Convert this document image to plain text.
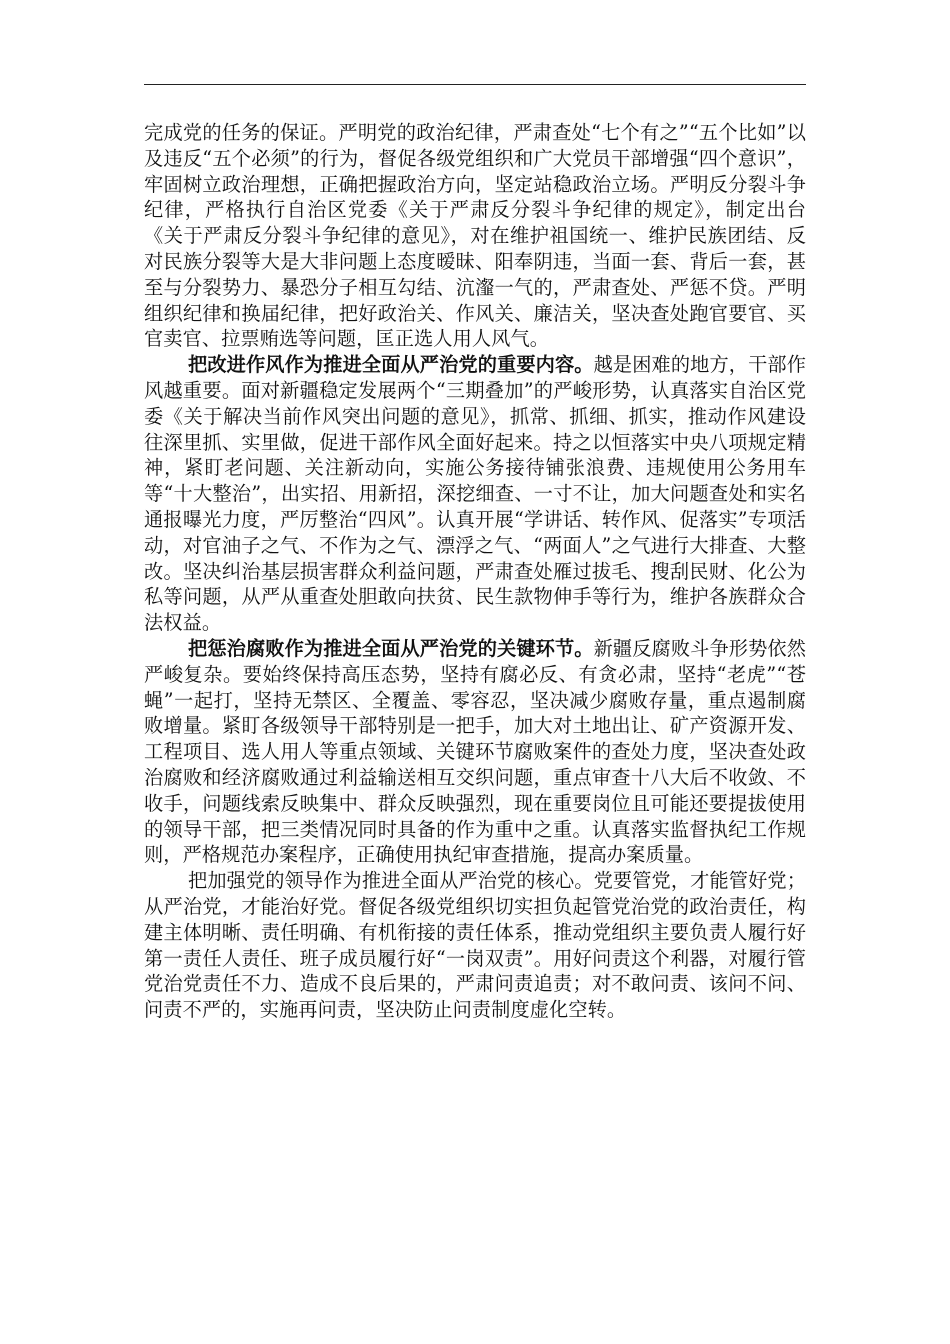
完成党的任务的保证。严明党的政治纪律，严肃查处“七个有之”“五个比如”以及违反“五个必须”的行为，督促各级党组织和广大党员干部增强“四个意识”，牢固树立政治理想，正确把握政治方向，坚定站稳政治立场。严明反分裂斗争纪律，严格执行自治区党委《关于严肃反分裂斗争纪律的规定》，制定出台《关于严肃反分裂斗争纪律的意见》，对在维护祖国统一、维护民族团结、反对民族分裂等大是大非问题上态度暧昧、阳奉阴违，当面一套、背后一套，甚至与分裂势力、暴恐分子相互勾结、沆瀣一气的，严肃查处、严惩不贷。严明组织纪律和换届纪律，把好政治关、作风关、廉洁关，坚决查处跑官要官、买官卖官、拉票贿选等问题，匡正选人用人风气。

把改进作风作为推进全面从严治党的重要内容。越是困难的地方，干部作风越重要。面对新疆稳定发展两个“三期叠加”的严峻形势，认真落实自治区党委《关于解决当前作风突出问题的意见》，抓常、抓细、抓实，推动作风建设往深里抓、实里做，促进干部作风全面好起来。持之以恒落实中央八项规定精神，紧盯老问题、关注新动向，实施公务接待铺张浪费、违规使用公务用车等“十大整治”，出实招、用新招，深挖细查、一寸不让，加大问题查处和实名通报曝光力度，严厉整治“四风”。认真开展“学讲话、转作风、促落实”专项活动，对官油子之气、不作为之气、漂浮之气、“两面人”之气进行大排查、大整改。坚决纠治基层损害群众利益问题，严肃查处雁过拔毛、搜刮民财、化公为私等问题，从严从重查处胆敢向扶贫、民生款物伸手等行为，维护各族群众合法权益。

把惩治腐败作为推进全面从严治党的关键环节。新疆反腐败斗争形势依然严峻复杂。要始终保持高压态势，坚持有腐必反、有贪必肃，坚持“老虎”“苍蝇”一起打，坚持无禁区、全覆盖、零容忍，坚决减少腐败存量，重点遏制腐败增量。紧盯各级领导干部特别是一把手，加大对土地出让、矿产资源开发、工程项目、选人用人等重点领域、关键环节腐败案件的查处力度，坚决查处政治腐败和经济腐败通过利益输送相互交织问题，重点审查十八大后不收敛、不收手，问题线索反映集中、群众反映强烈，现在重要岗位且可能还要提拔使用的领导干部，把三类情况同时具备的作为重中之重。认真落实监督执纪工作规则，严格规范办案程序，正确使用执纪审查措施，提高办案质量。

把加强党的领导作为推进全面从严治党的核心。党要管党，才能管好党；从严治党，才能治好党。督促各级党组织切实担负起管党治党的政治责任，构建主体明晰、责任明确、有机衔接的责任体系，推动党组织主要负责人履行好第一责任人责任、班子成员履行好“一岗双责”。用好问责这个利器，对履行管党治党责任不力、造成不良后果的，严肃问责追责；对不敢问责、该问不问、问责不严的，实施再问责，坚决防止问责制度虚化空转。
